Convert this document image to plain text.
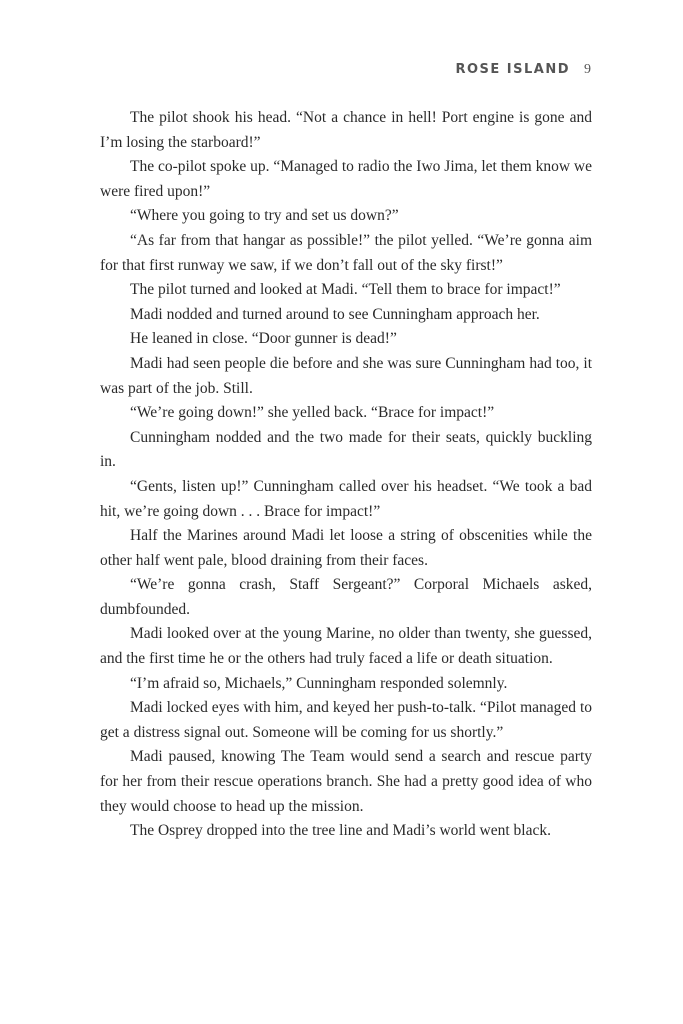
ROSE ISLAND 9

The pilot shook his head. “Not a chance in hell! Port engine is gone and I’m losing the starboard!”

The co-pilot spoke up. “Managed to radio the Iwo Jima, let them know we were fired upon!”

“Where you going to try and set us down?”

“As far from that hangar as possible!” the pilot yelled. “We’re gonna aim for that first runway we saw, if we don’t fall out of the sky first!”

The pilot turned and looked at Madi. “Tell them to brace for impact!”

Madi nodded and turned around to see Cunningham approach her.

He leaned in close. “Door gunner is dead!”

Madi had seen people die before and she was sure Cunningham had too, it was part of the job. Still.

“We’re going down!” she yelled back. “Brace for impact!”

Cunningham nodded and the two made for their seats, quickly buckling in.

“Gents, listen up!” Cunningham called over his headset. “We took a bad hit, we’re going down . . . Brace for impact!”

Half the Marines around Madi let loose a string of obscenities while the other half went pale, blood draining from their faces.

“We’re gonna crash, Staff Sergeant?” Corporal Michaels asked, dumbfounded.

Madi looked over at the young Marine, no older than twenty, she guessed, and the first time he or the others had truly faced a life or death situation.

“I’m afraid so, Michaels,” Cunningham responded solemnly.

Madi locked eyes with him, and keyed her push-to-talk. “Pilot managed to get a distress signal out. Someone will be coming for us shortly.”

Madi paused, knowing The Team would send a search and rescue party for her from their rescue operations branch. She had a pretty good idea of who they would choose to head up the mission.

The Osprey dropped into the tree line and Madi’s world went black.
